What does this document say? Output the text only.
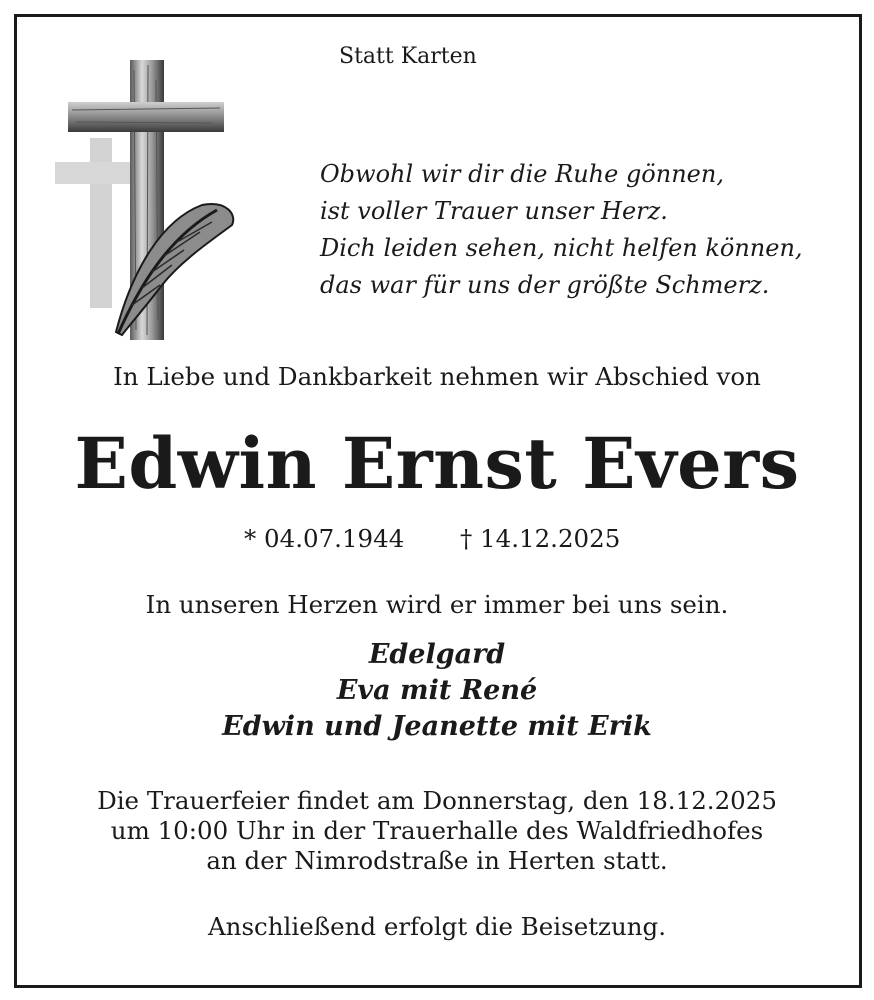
Statt Karten
Obwohl wir dir die Ruhe gönnen,
ist voller Trauer unser Herz.
Dich leiden sehen, nicht helfen können,
das war für uns der größte Schmerz.
In Liebe und Dankbarkeit nehmen wir Abschied von
Edwin Ernst Evers
* 04.07.1944 † 14.12.2025
In unseren Herzen wird er immer bei uns sein.
Edelgard
Eva mit René
Edwin und Jeanette mit Erik
Die Trauerfeier findet am Donnerstag, den 18.12.2025
um 10:00 Uhr in der Trauerhalle des Waldfriedhofes
an der Nimrodstraße in Herten statt.
Anschließend erfolgt die Beisetzung.
